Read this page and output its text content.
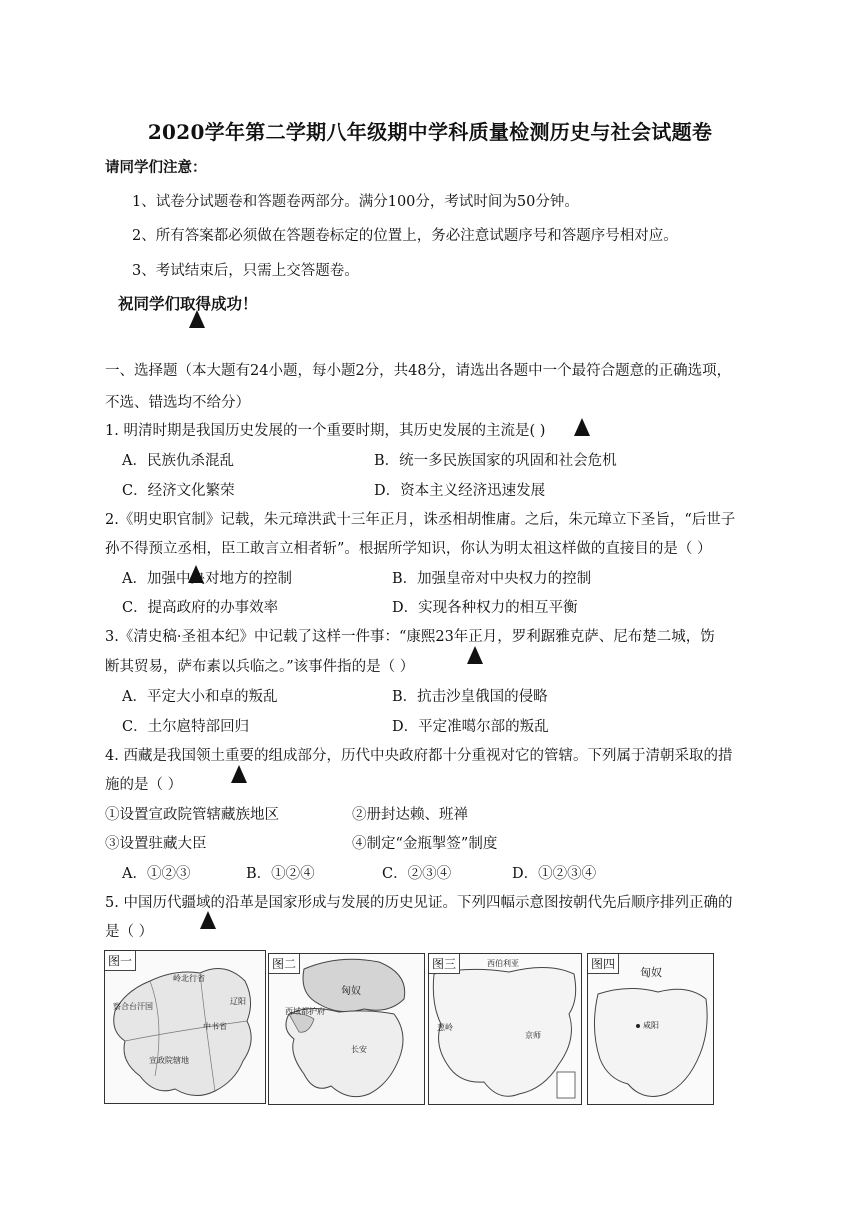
2020学年第二学期八年级期中学科质量检测历史与社会试题卷
请同学们注意：
1、试卷分试题卷和答题卷两部分。满分100分，考试时间为50分钟。
2、所有答案都必须做在答题卷标定的位置上，务必注意试题序号和答题序号相对应。
3、考试结束后，只需上交答题卷。
祝同学们取得成功！
一、选择题（本大题有24小题，每小题2分，共48分，请选出各题中一个最符合题意的正确选项，
不选、错选均不给分）
1. 明清时期是我国历史发展的一个重要时期，其历史发展的主流是( )
A．民族仇杀混乱	B．统一多民族国家的巩固和社会危机
C．经济文化繁荣	D．资本主义经济迅速发展
2.《明史职官制》记载，朱元璋洪武十三年正月，诛丞相胡惟庸。之后，朱元璋立下圣旨，“后世子
孙不得预立丞相，臣工敢言立相者斩”。根据所学知识，你认为明太祖这样做的直接目的是（ ）
A．加强中央对地方的控制	B．加强皇帝对中央权力的控制
C．提高政府的办事效率	D．实现各种权力的相互平衡
3.《清史稿·圣祖本纪》中记载了这样一件事：“康熙23年正月，罗利踞雅克萨、尼布楚二城，饬
断其贸易，萨布素以兵临之。”该事件指的是（ ）
A．平定大小和卓的叛乱	B．抗击沙皇俄国的侵略
C．土尔扈特部回归	D．平定准噶尔部的叛乱
4. 西藏是我国领土重要的组成部分，历代中央政府都十分重视对它的管辖。下列属于清朝采取的措
施的是（ ）
①设置宣政院管辖藏族地区	②册封达赖、班禅
③设置驻藏大臣	④制定“金瓶掣签”制度
A．①②③	B．①②④	C．②③④	D．①②③④
5. 中国历代疆域的沿革是国家形成与发展的历史见证。下列四幅示意图按朝代先后顺序排列正确的
是（ ）
图一
岭北行省
察合台汗国
宣政院辖地
辽阳
中书省
图二
匈奴
西域都护府
长安
图三	西伯利亚
葱岭
京师
图四
匈奴
咸阳
